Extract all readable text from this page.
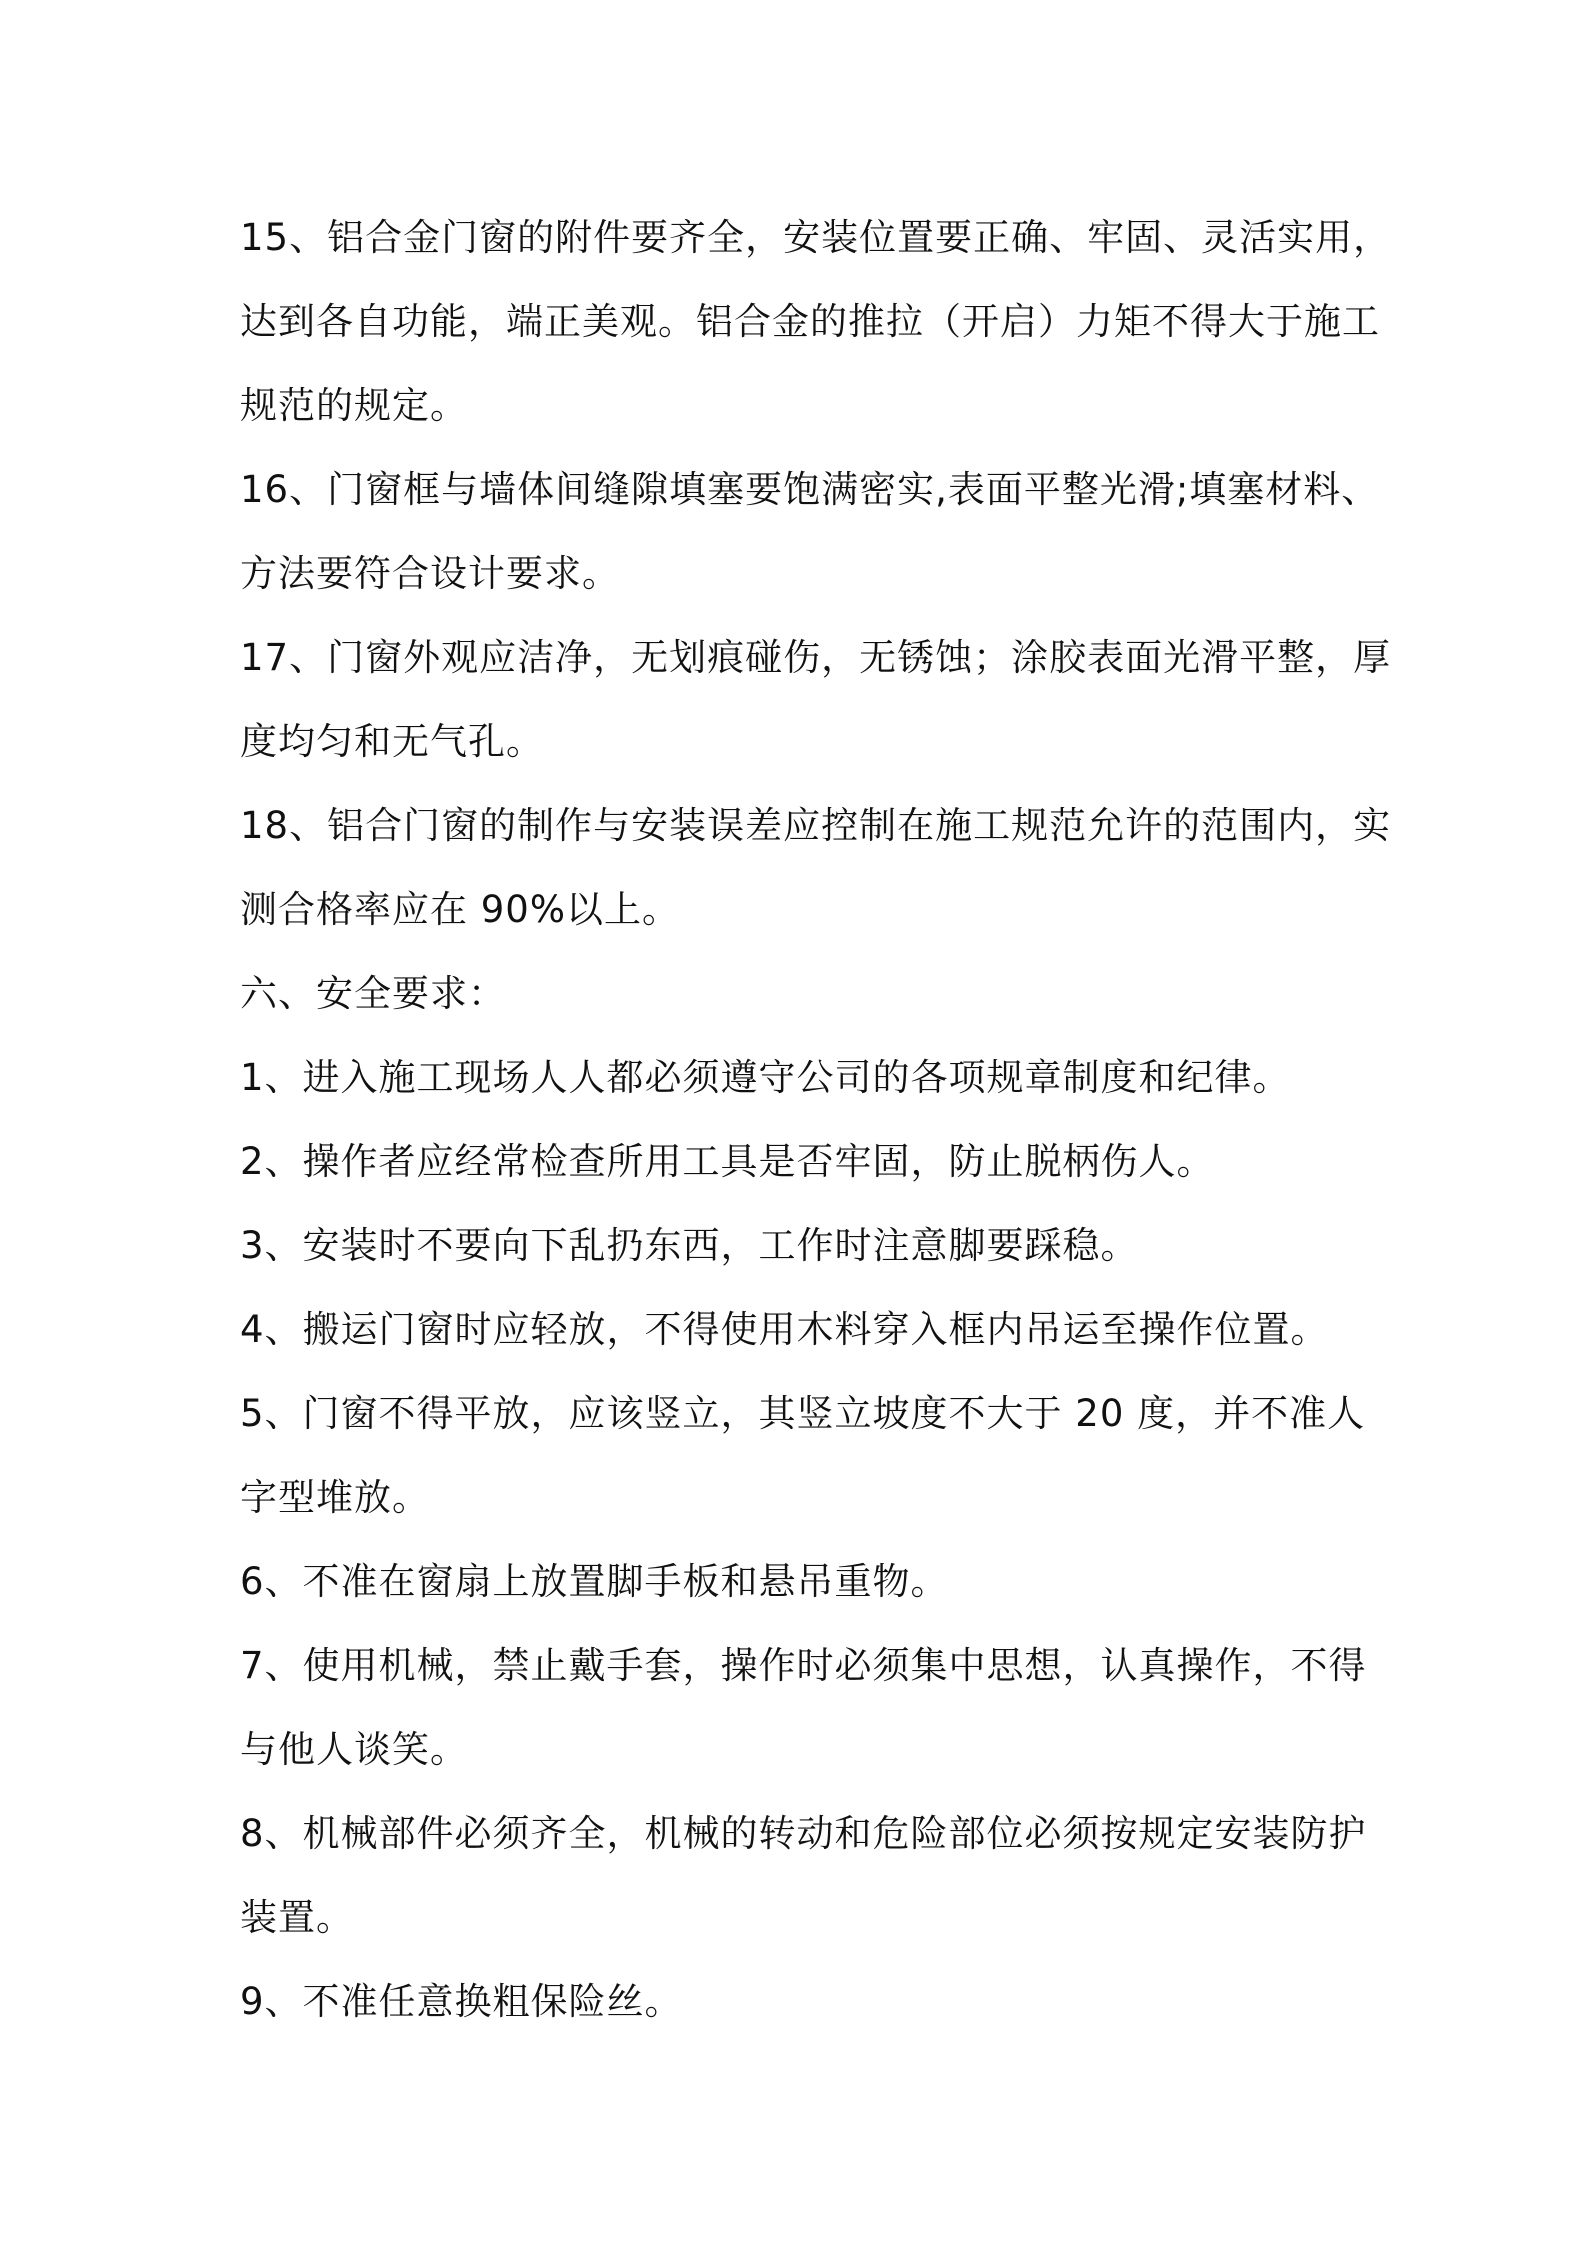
15、铝合金门窗的附件要齐全，安装位置要正确、牢固、灵活实用，

达到各自功能，端正美观。铝合金的推拉（开启）力矩不得大于施工

规范的规定。

16、门窗框与墙体间缝隙填塞要饱满密实,表面平整光滑;填塞材料、

方法要符合设计要求。

17、门窗外观应洁净，无划痕碰伤，无锈蚀；涂胶表面光滑平整，厚

度均匀和无气孔。

18、铝合门窗的制作与安装误差应控制在施工规范允许的范围内，实

测合格率应在 90%以上。

六、安全要求：

1、进入施工现场人人都必须遵守公司的各项规章制度和纪律。

2、操作者应经常检查所用工具是否牢固，防止脱柄伤人。

3、安装时不要向下乱扔东西，工作时注意脚要踩稳。

4、搬运门窗时应轻放，不得使用木料穿入框内吊运至操作位置。

5、门窗不得平放，应该竖立，其竖立坡度不大于 20 度，并不准人

字型堆放。

6、不准在窗扇上放置脚手板和悬吊重物。

7、使用机械，禁止戴手套，操作时必须集中思想，认真操作，不得

与他人谈笑。

8、机械部件必须齐全，机械的转动和危险部位必须按规定安装防护

装置。

9、不准任意换粗保险丝。
